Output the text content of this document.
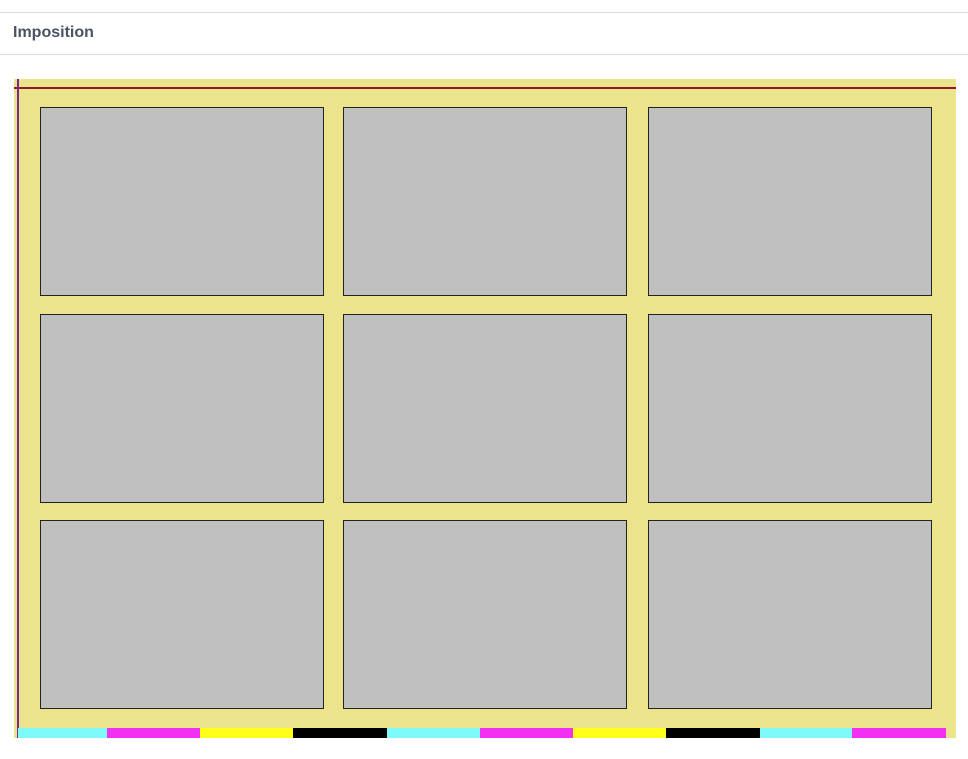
Imposition
